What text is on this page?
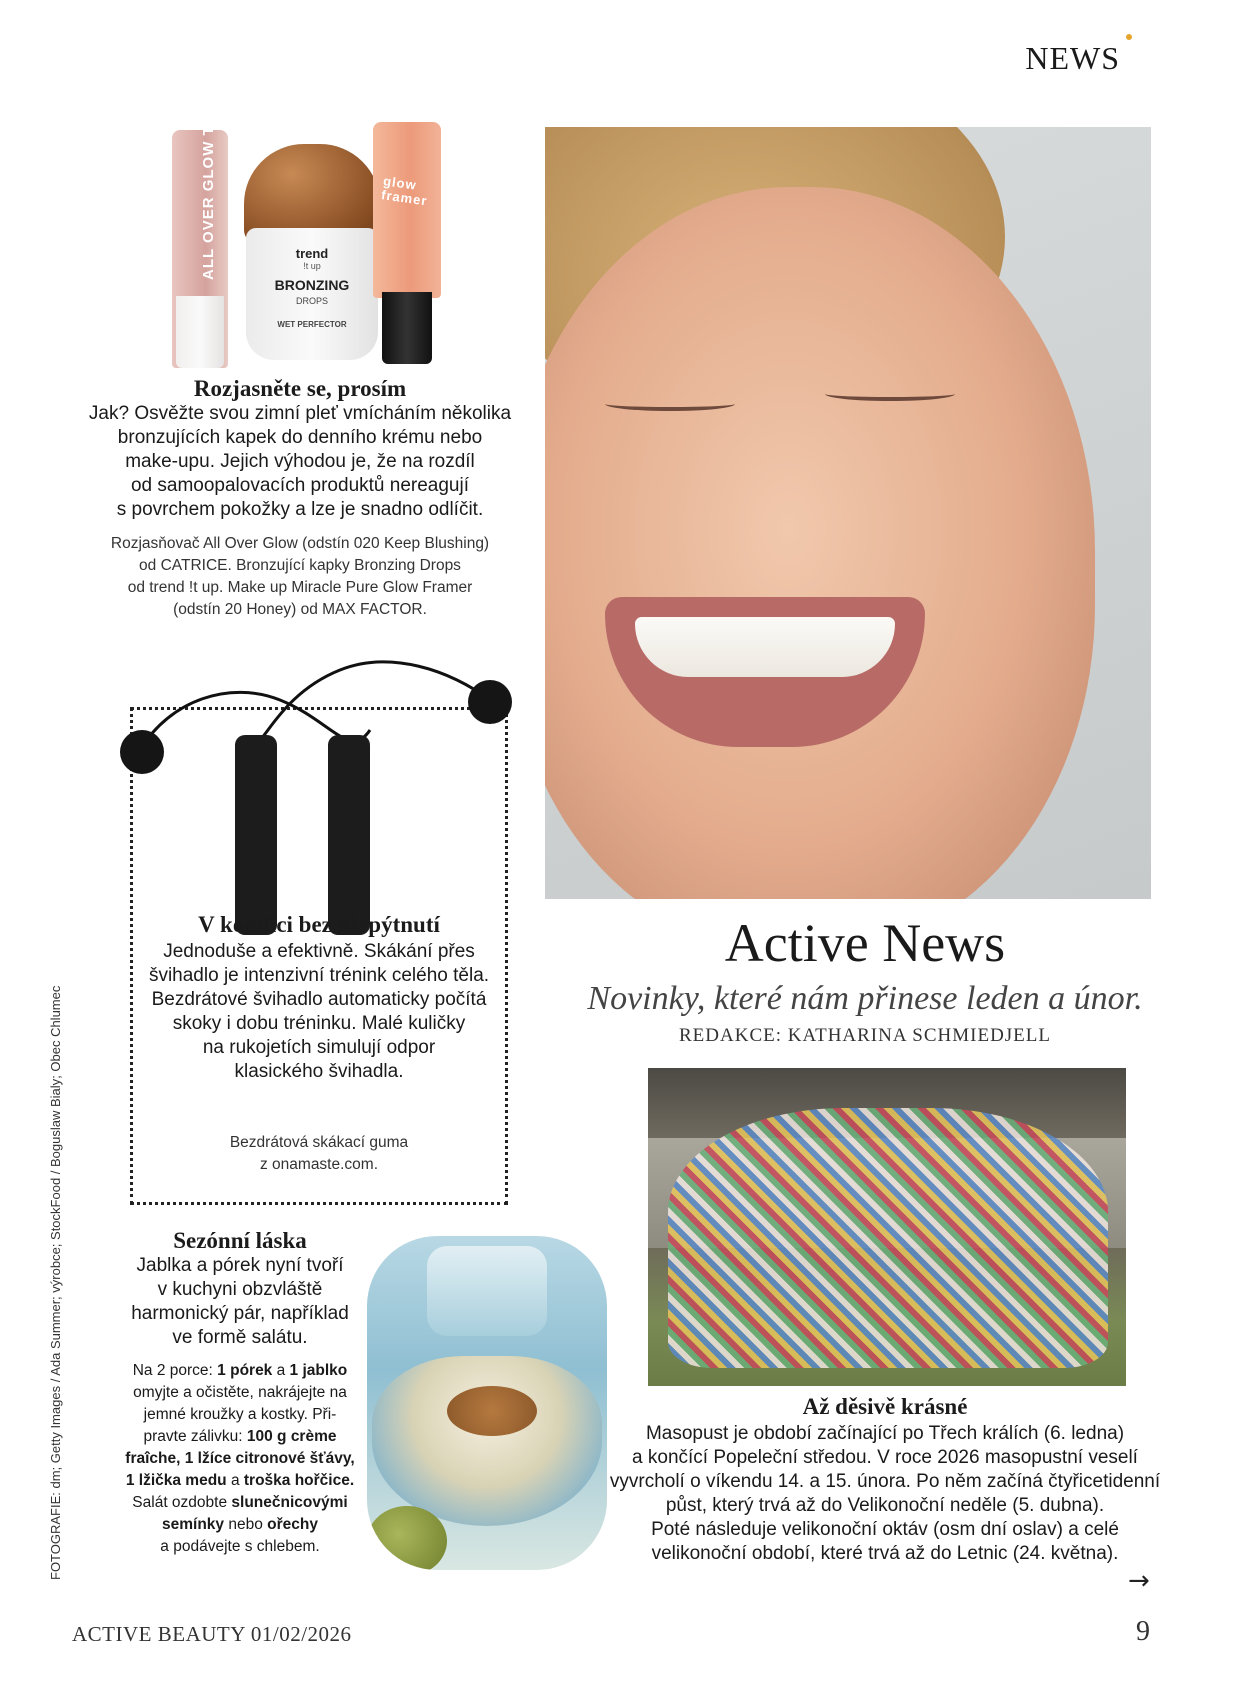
NEWS
ALL OVER GLOW TINT	trend
!t up
BRONZING
DROPS
WET PERFECTOR
glow framer
Rozjasněte se, prosím
Jak? Osvěžte svou zimní pleť vmícháním několika
bronzujících kapek do denního krému nebo
make-upu. Jejich výhodou je, že na rozdíl
od samoopalovacích produktů nereagují
s povrchem pokožky a lze je snadno odlíčit.
Rozjasňovač All Over Glow (odstín 020 Keep Blushing)
od CATRICE. Bronzující kapky Bronzing Drops
od trend !t up. Make up Miracle Pure Glow Framer
(odstín 20 Honey) od MAX FACTOR.
V kondici bez klopýtnutí
Jednoduše a efektivně. Skákání přes
švihadlo je intenzivní trénink celého těla.
Bezdrátové švihadlo automaticky počítá
skoky i dobu tréninku. Malé kuličky
na rukojetích simulují odpor
klasického švihadla.
Bezdrátová skákací guma
z onamaste.com.
FOTOGRAFIE: dm; Getty Images / Ada Summer; výrobce; StockFood / Boguslaw Bialy; Obec Chlumec	Sezónní láska
Jablka a pórek nyní tvoří
v kuchyni obzvláště
harmonický pár, například
ve formě salátu.
Na 2 porce: 1 pórek a 1 jablko
omyjte a očistěte, nakrájejte na
jemné kroužky a kostky. Při-
pravte zálivku: 100 g crème
fraîche, 1 lžíce citronové šťávy,
1 lžička medu a troška hořčice.
Salát ozdobte slunečnicovými
semínky nebo ořechy
a podávejte s chlebem.
Active News
Novinky, které nám přinese leden a únor.
REDAKCE: KATHARINA SCHMIEDJELL
Až děsivě krásné
Masopust je období začínající po Třech králích (6. ledna)
a končící Popeleční středou. V roce 2026 masopustní veselí
vyvrcholí o víkendu 14. a 15. února. Po něm začíná čtyřicetidenní
půst, který trvá až do Velikonoční neděle (5. dubna).
Poté následuje velikonoční oktáv (osm dní oslav) a celé
velikonoční období, které trvá až do Letnic (24. května).
→
ACTIVE BEAUTY 01/02/2026	9
